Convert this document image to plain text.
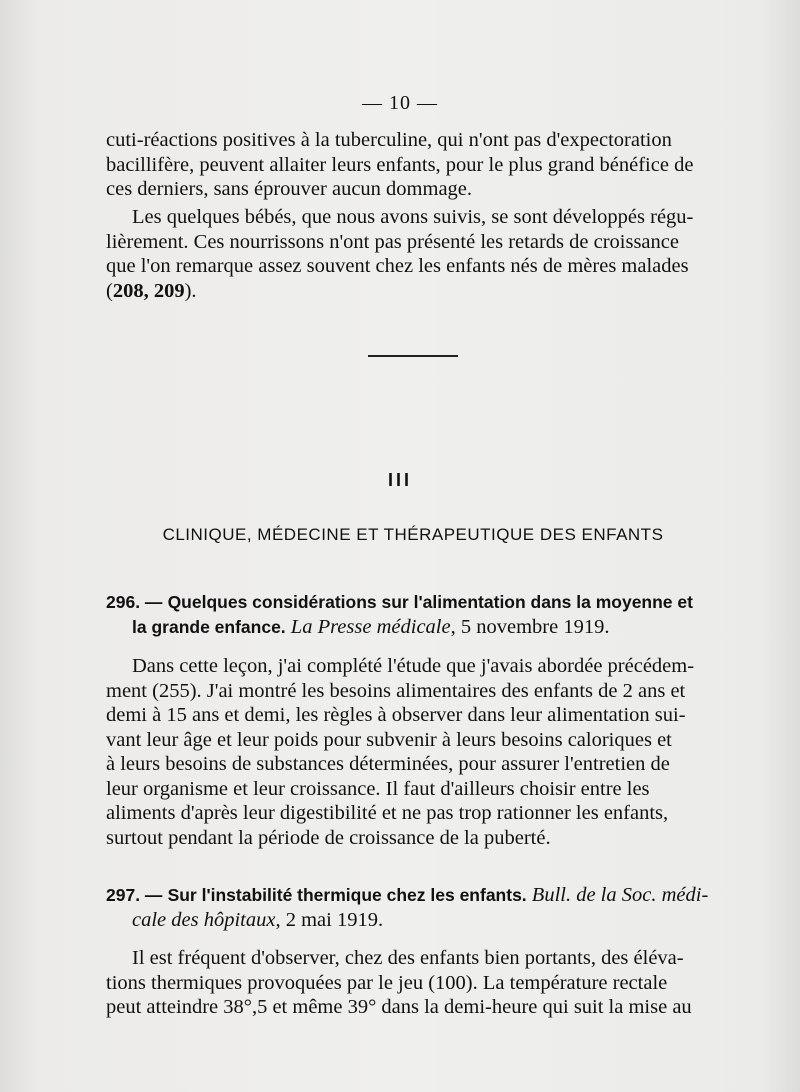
— 10 —

cuti-réactions positives à la tuberculine, qui n'ont pas d'expectoration

bacillifère, peuvent allaiter leurs enfants, pour le plus grand bénéfice de

ces derniers, sans éprouver aucun dommage.

Les quelques bébés, que nous avons suivis, se sont développés régu-

lièrement. Ces nourrissons n'ont pas présenté les retards de croissance

que l'on remarque assez souvent chez les enfants nés de mères malades

(208, 209).

III
CLINIQUE, MÉDECINE ET THÉRAPEUTIQUE DES ENFANTS

296. — Quelques considérations sur l'alimentation dans la moyenne et

la grande enfance. La Presse médicale, 5 novembre 1919.

Dans cette leçon, j'ai complété l'étude que j'avais abordée précédem-

ment (255). J'ai montré les besoins alimentaires des enfants de 2 ans et

demi à 15 ans et demi, les règles à observer dans leur alimentation sui-

vant leur âge et leur poids pour subvenir à leurs besoins caloriques et

à leurs besoins de substances déterminées, pour assurer l'entretien de

leur organisme et leur croissance. Il faut d'ailleurs choisir entre les

aliments d'après leur digestibilité et ne pas trop rationner les enfants,

surtout pendant la période de croissance de la puberté.

297. — Sur l'instabilité thermique chez les enfants. Bull. de la Soc. médi-

cale des hôpitaux, 2 mai 1919.

Il est fréquent d'observer, chez des enfants bien portants, des éléva-

tions thermiques provoquées par le jeu (100). La température rectale

peut atteindre 38°,5 et même 39° dans la demi-heure qui suit la mise au
